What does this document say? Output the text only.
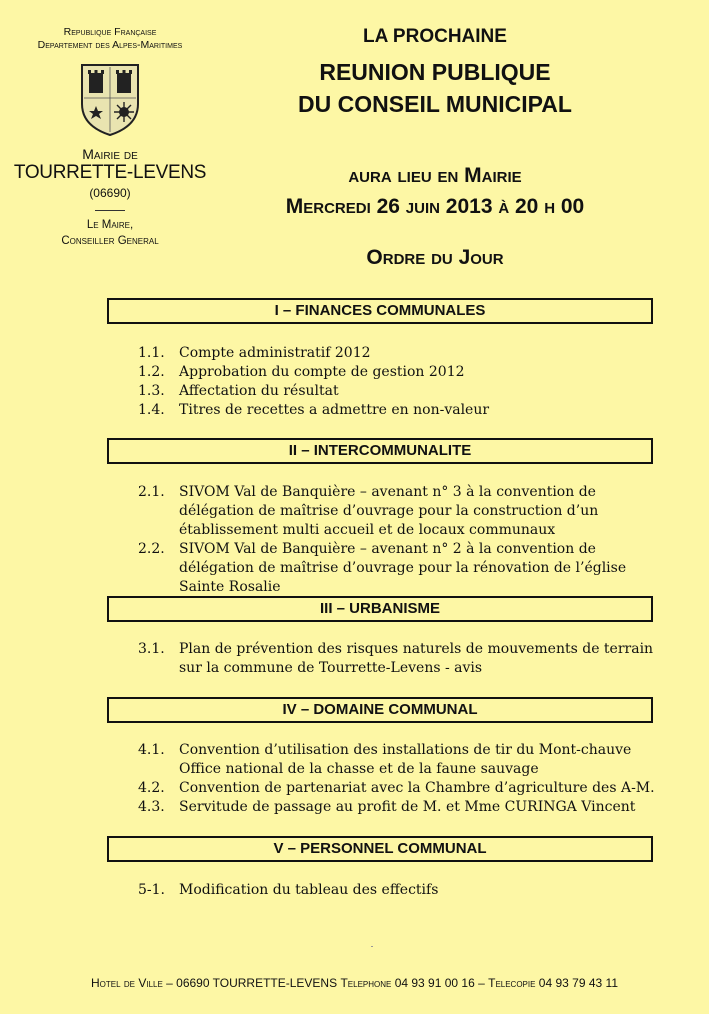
Republique Française
Departement des Alpes-Maritimes
Mairie de
TOURRETTE-LEVENS
(06690)
Le Maire,
Conseiller General
LA PROCHAINE
REUNION PUBLIQUE
DU CONSEIL MUNICIPAL
aura lieu en Mairie
Mercredi 26 juin 2013 à 20 h 00
Ordre du Jour
I – FINANCES COMMUNALES
1.1.	Compte administratif 2012
1.2.	Approbation du compte de gestion 2012
1.3.	Affectation du résultat
1.4.	Titres de recettes a admettre en non-valeur
II – INTERCOMMUNALITE
2.1.	SIVOM Val de Banquière – avenant n° 3 à la convention de délégation de maîtrise d’ouvrage pour la construction d’un établissement multi accueil et de locaux communaux
2.2.	SIVOM Val de Banquière – avenant n° 2 à la convention de délégation de maîtrise d’ouvrage pour la rénovation de l’église Sainte Rosalie
III – URBANISME
3.1.	Plan de prévention des risques naturels de mouvements de terrain sur la commune de Tourrette-Levens - avis
IV – DOMAINE COMMUNAL
4.1.	Convention d’utilisation des installations de tir du Mont-chauve Office national de la chasse et de la faune sauvage
4.2.	Convention de partenariat avec la Chambre d’agriculture des A-M.
4.3.	Servitude de passage au profit de M. et Mme CURINGA Vincent
V – PERSONNEL COMMUNAL
5-1.	Modification du tableau des effectifs
Hotel de Ville – 06690 TOURRETTE-LEVENS Telephone 04 93 91 00 16 – Telecopie 04 93 79 43 11
